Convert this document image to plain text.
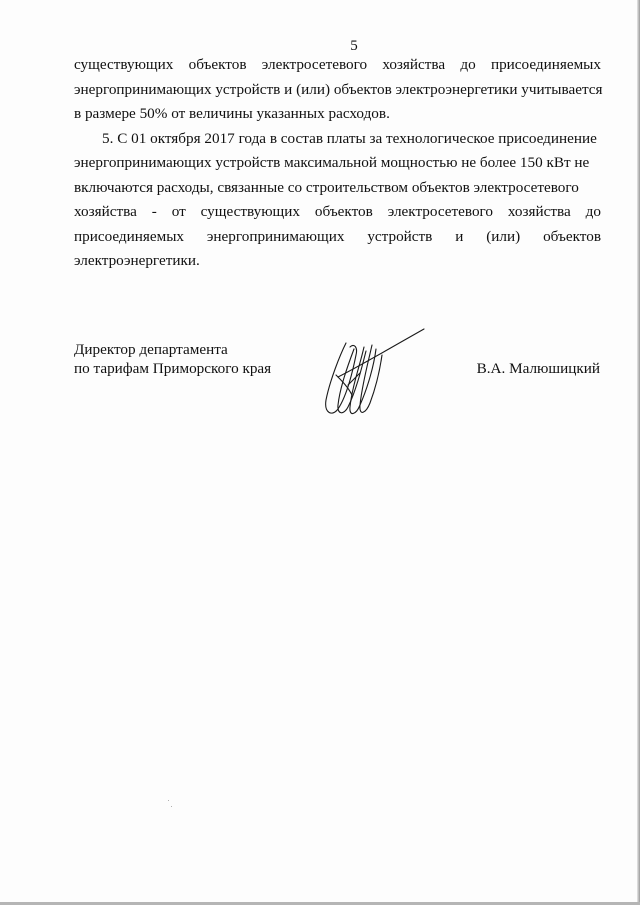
5

существующих объектов электросетевого хозяйства до присоединяемых
энергопринимающих устройств и (или) объектов электроэнергетики учитывается
в размере 50% от величины указанных расходов.

5. С 01 октября 2017 года в состав платы за технологическое присоединение
энергопринимающих устройств максимальной мощностью не более 150 кВт не
включаются расходы, связанные со строительством объектов электросетевого
хозяйства - от существующих объектов электросетевого хозяйства до
присоединяемых энергопринимающих устройств и (или) объектов
электроэнергетики.

Директор департамента
по тарифам Приморского края	В.А. Малюшицкий
